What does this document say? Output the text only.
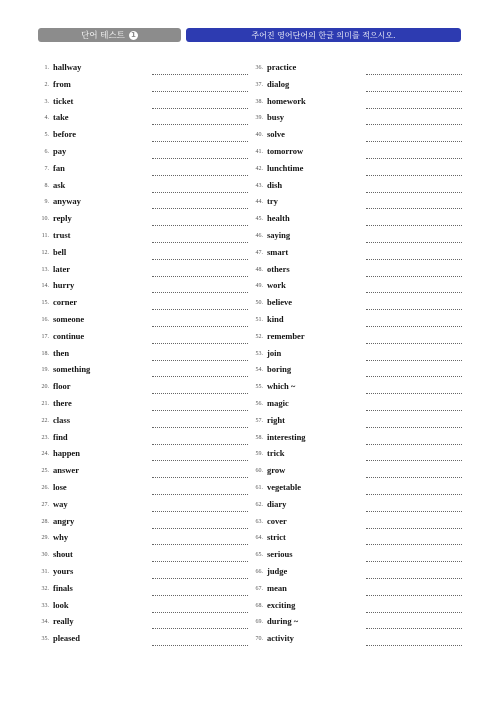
단어 테스트 1	주어진 영어단어의 한글 의미를 적으시오.
1. hallway
2. from
3. ticket
4. take
5. before
6. pay
7. fan
8. ask
9. anyway
10. reply
11. trust
12. bell
13. later
14. hurry
15. corner
16. someone
17. continue
18. then
19. something
20. floor
21. there
22. class
23. find
24. happen
25. answer
26. lose
27. way
28. angry
29. why
30. shout
31. yours
32. finals
33. look
34. really
35. pleased
36. practice
37. dialog
38. homework
39. busy
40. solve
41. tomorrow
42. lunchtime
43. dish
44. try
45. health
46. saying
47. smart
48. others
49. work
50. believe
51. kind
52. remember
53. join
54. boring
55. which ~
56. magic
57. right
58. interesting
59. trick
60. grow
61. vegetable
62. diary
63. cover
64. strict
65. serious
66. judge
67. mean
68. exciting
69. during ~
70. activity
